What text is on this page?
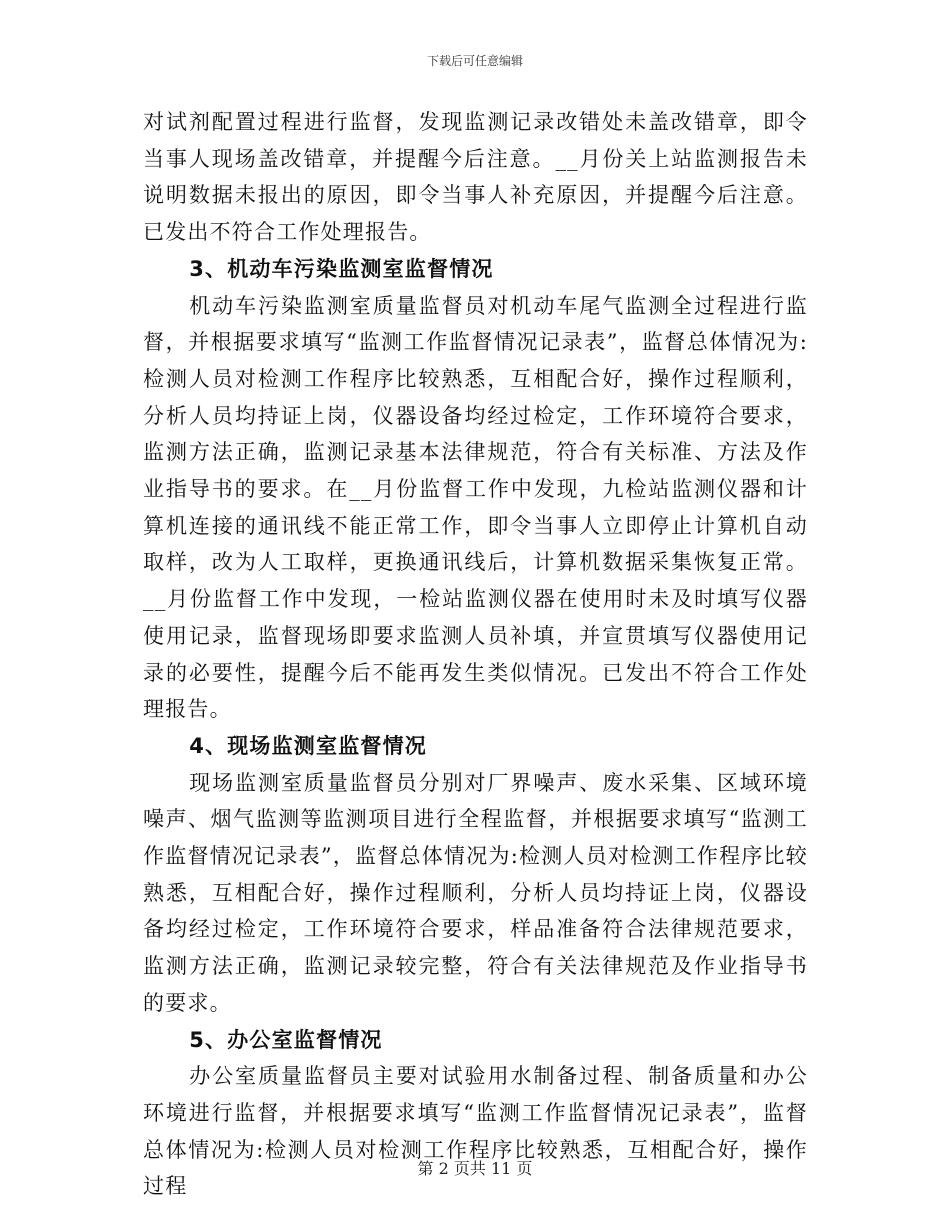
下载后可任意编辑

对试剂配置过程进行监督，发现监测记录改错处未盖改错章，即令当事人现场盖改错章，并提醒今后注意。__月份关上站监测报告未说明数据未报出的原因，即令当事人补充原因，并提醒今后注意。已发出不符合工作处理报告。

3、机动车污染监测室监督情况

机动车污染监测室质量监督员对机动车尾气监测全过程进行监督，并根据要求填写“监测工作监督情况记录表”，监督总体情况为:检测人员对检测工作程序比较熟悉，互相配合好，操作过程顺利，分析人员均持证上岗，仪器设备均经过检定，工作环境符合要求，监测方法正确，监测记录基本法律规范，符合有关标准、方法及作业指导书的要求。在__月份监督工作中发现，九检站监测仪器和计算机连接的通讯线不能正常工作，即令当事人立即停止计算机自动取样，改为人工取样，更换通讯线后，计算机数据采集恢复正常。__月份监督工作中发现，一检站监测仪器在使用时未及时填写仪器使用记录，监督现场即要求监测人员补填，并宣贯填写仪器使用记录的必要性，提醒今后不能再发生类似情况。已发出不符合工作处理报告。

4、现场监测室监督情况

现场监测室质量监督员分别对厂界噪声、废水采集、区域环境噪声、烟气监测等监测项目进行全程监督，并根据要求填写“监测工作监督情况记录表”，监督总体情况为:检测人员对检测工作程序比较熟悉，互相配合好，操作过程顺利，分析人员均持证上岗，仪器设备均经过检定，工作环境符合要求，样品准备符合法律规范要求，监测方法正确，监测记录较完整，符合有关法律规范及作业指导书的要求。

5、办公室监督情况

办公室质量监督员主要对试验用水制备过程、制备质量和办公环境进行监督，并根据要求填写“监测工作监督情况记录表”，监督总体情况为:检测人员对检测工作程序比较熟悉，互相配合好，操作过程

第 2 页共 11 页
